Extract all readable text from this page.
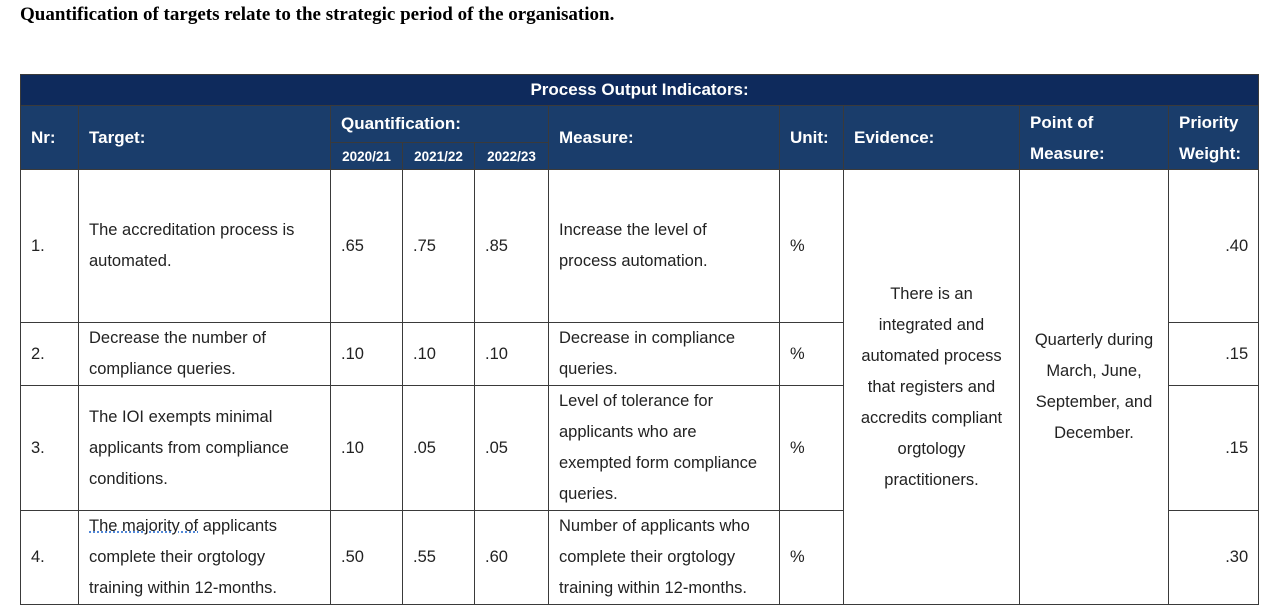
Quantification of targets relate to the strategic period of the organisation.
Process Output Indicators:									
Nr:	Target:	Quantification:			Measure:	Unit:	Evidence:	Point of Measure:	Priority Weight:
		2020/21	2021/22	2022/23					
1.	The accreditation process is automated.	.65	.75	.85	Increase the level of process automation.	%	There is an integrated and automated process that registers and accredits compliant orgtology practitioners.	Quarterly during March, June, September, and December.	.40
2.	Decrease the number of compliance queries.	.10	.10	.10	Decrease in compliance queries.	%			.15
3.	The IOI exempts minimal applicants from compliance conditions.	.10	.05	.05	Level of tolerance for applicants who are exempted form compliance queries.	%			.15
4.	The majority of applicants complete their orgtology training within 12-months.	.50	.55	.60	Number of applicants who complete their orgtology training within 12-months.	%			.30
